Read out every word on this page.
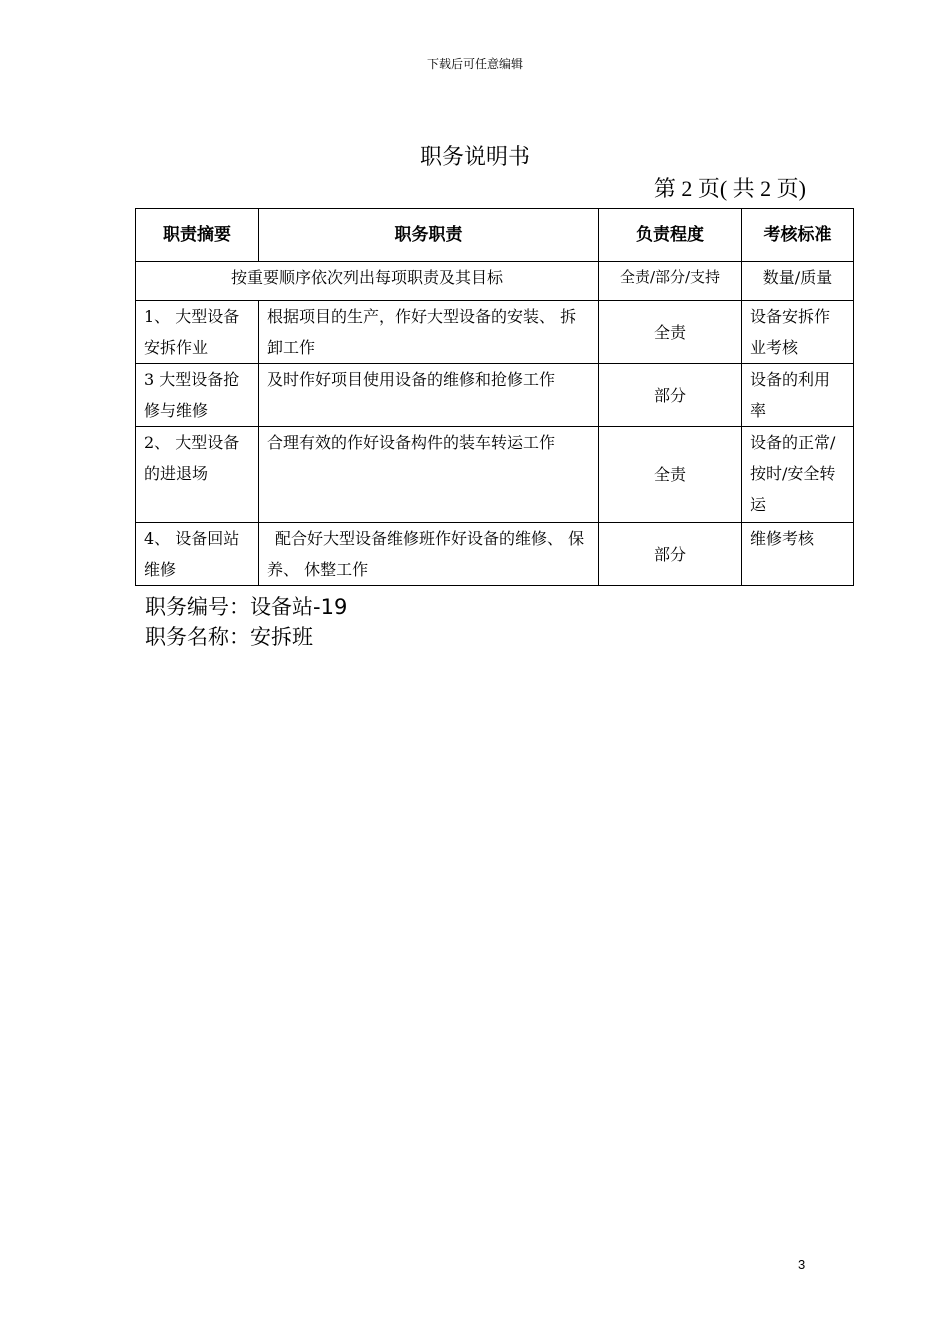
下载后可任意编辑
职务说明书
第 2 页( 共 2 页)
职责摘要	职务职责	负责程度	考核标准
按重要顺序依次列出每项职责及其目标		全责/部分/支持	数量/质量
1、 大型设备安拆作业	根据项目的生产，作好大型设备的安装、 拆卸工作	全责	设备安拆作业考核
3 大型设备抢修与维修	及时作好项目使用设备的维修和抢修工作	部分	设备的利用率
2、 大型设备的进退场	合理有效的作好设备构件的装车转运工作	全责	设备的正常/按时/安全转运
4、 设备回站维修	配合好大型设备维修班作好设备的维修、 保养、 休整工作	部分	维修考核
职务编号：设备站-19
职务名称：安拆班
3
